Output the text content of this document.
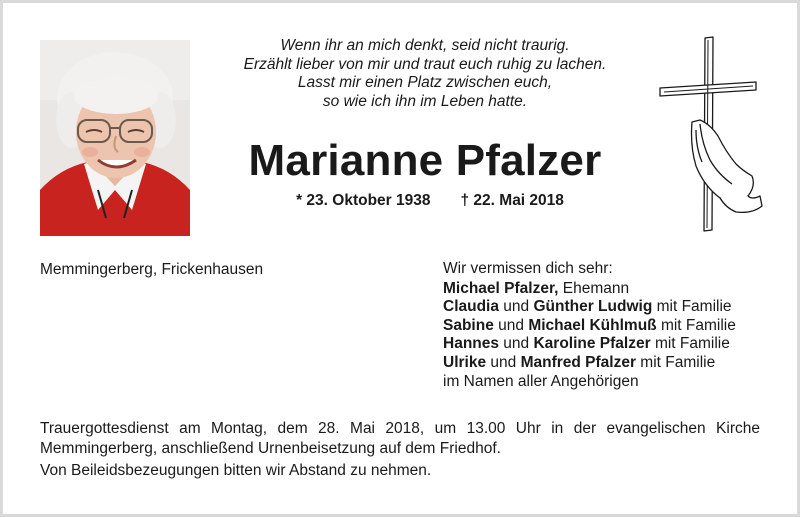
Wenn ihr an mich denkt, seid nicht traurig.
Erzählt lieber von mir und traut euch ruhig zu lachen.
Lasst mir einen Platz zwischen euch,
so wie ich ihn im Leben hatte.
Marianne Pfalzer
* 23. Oktober 1938 † 22. Mai 2018
Memmingerberg, Frickenhausen	Wir vermissen dich sehr:
Michael Pfalzer, Ehemann
Claudia und Günther Ludwig mit Familie
Sabine und Michael Kühlmuß mit Familie
Hannes und Karoline Pfalzer mit Familie
Ulrike und Manfred Pfalzer mit Familie
im Namen aller Angehörigen
Trauergottesdienst am Montag, dem 28. Mai 2018, um 13.00 Uhr in der evangelischen Kirche Memmingerberg, anschließend Urnenbeisetzung auf dem Friedhof.
Von Beileidsbezeugungen bitten wir Abstand zu nehmen.
